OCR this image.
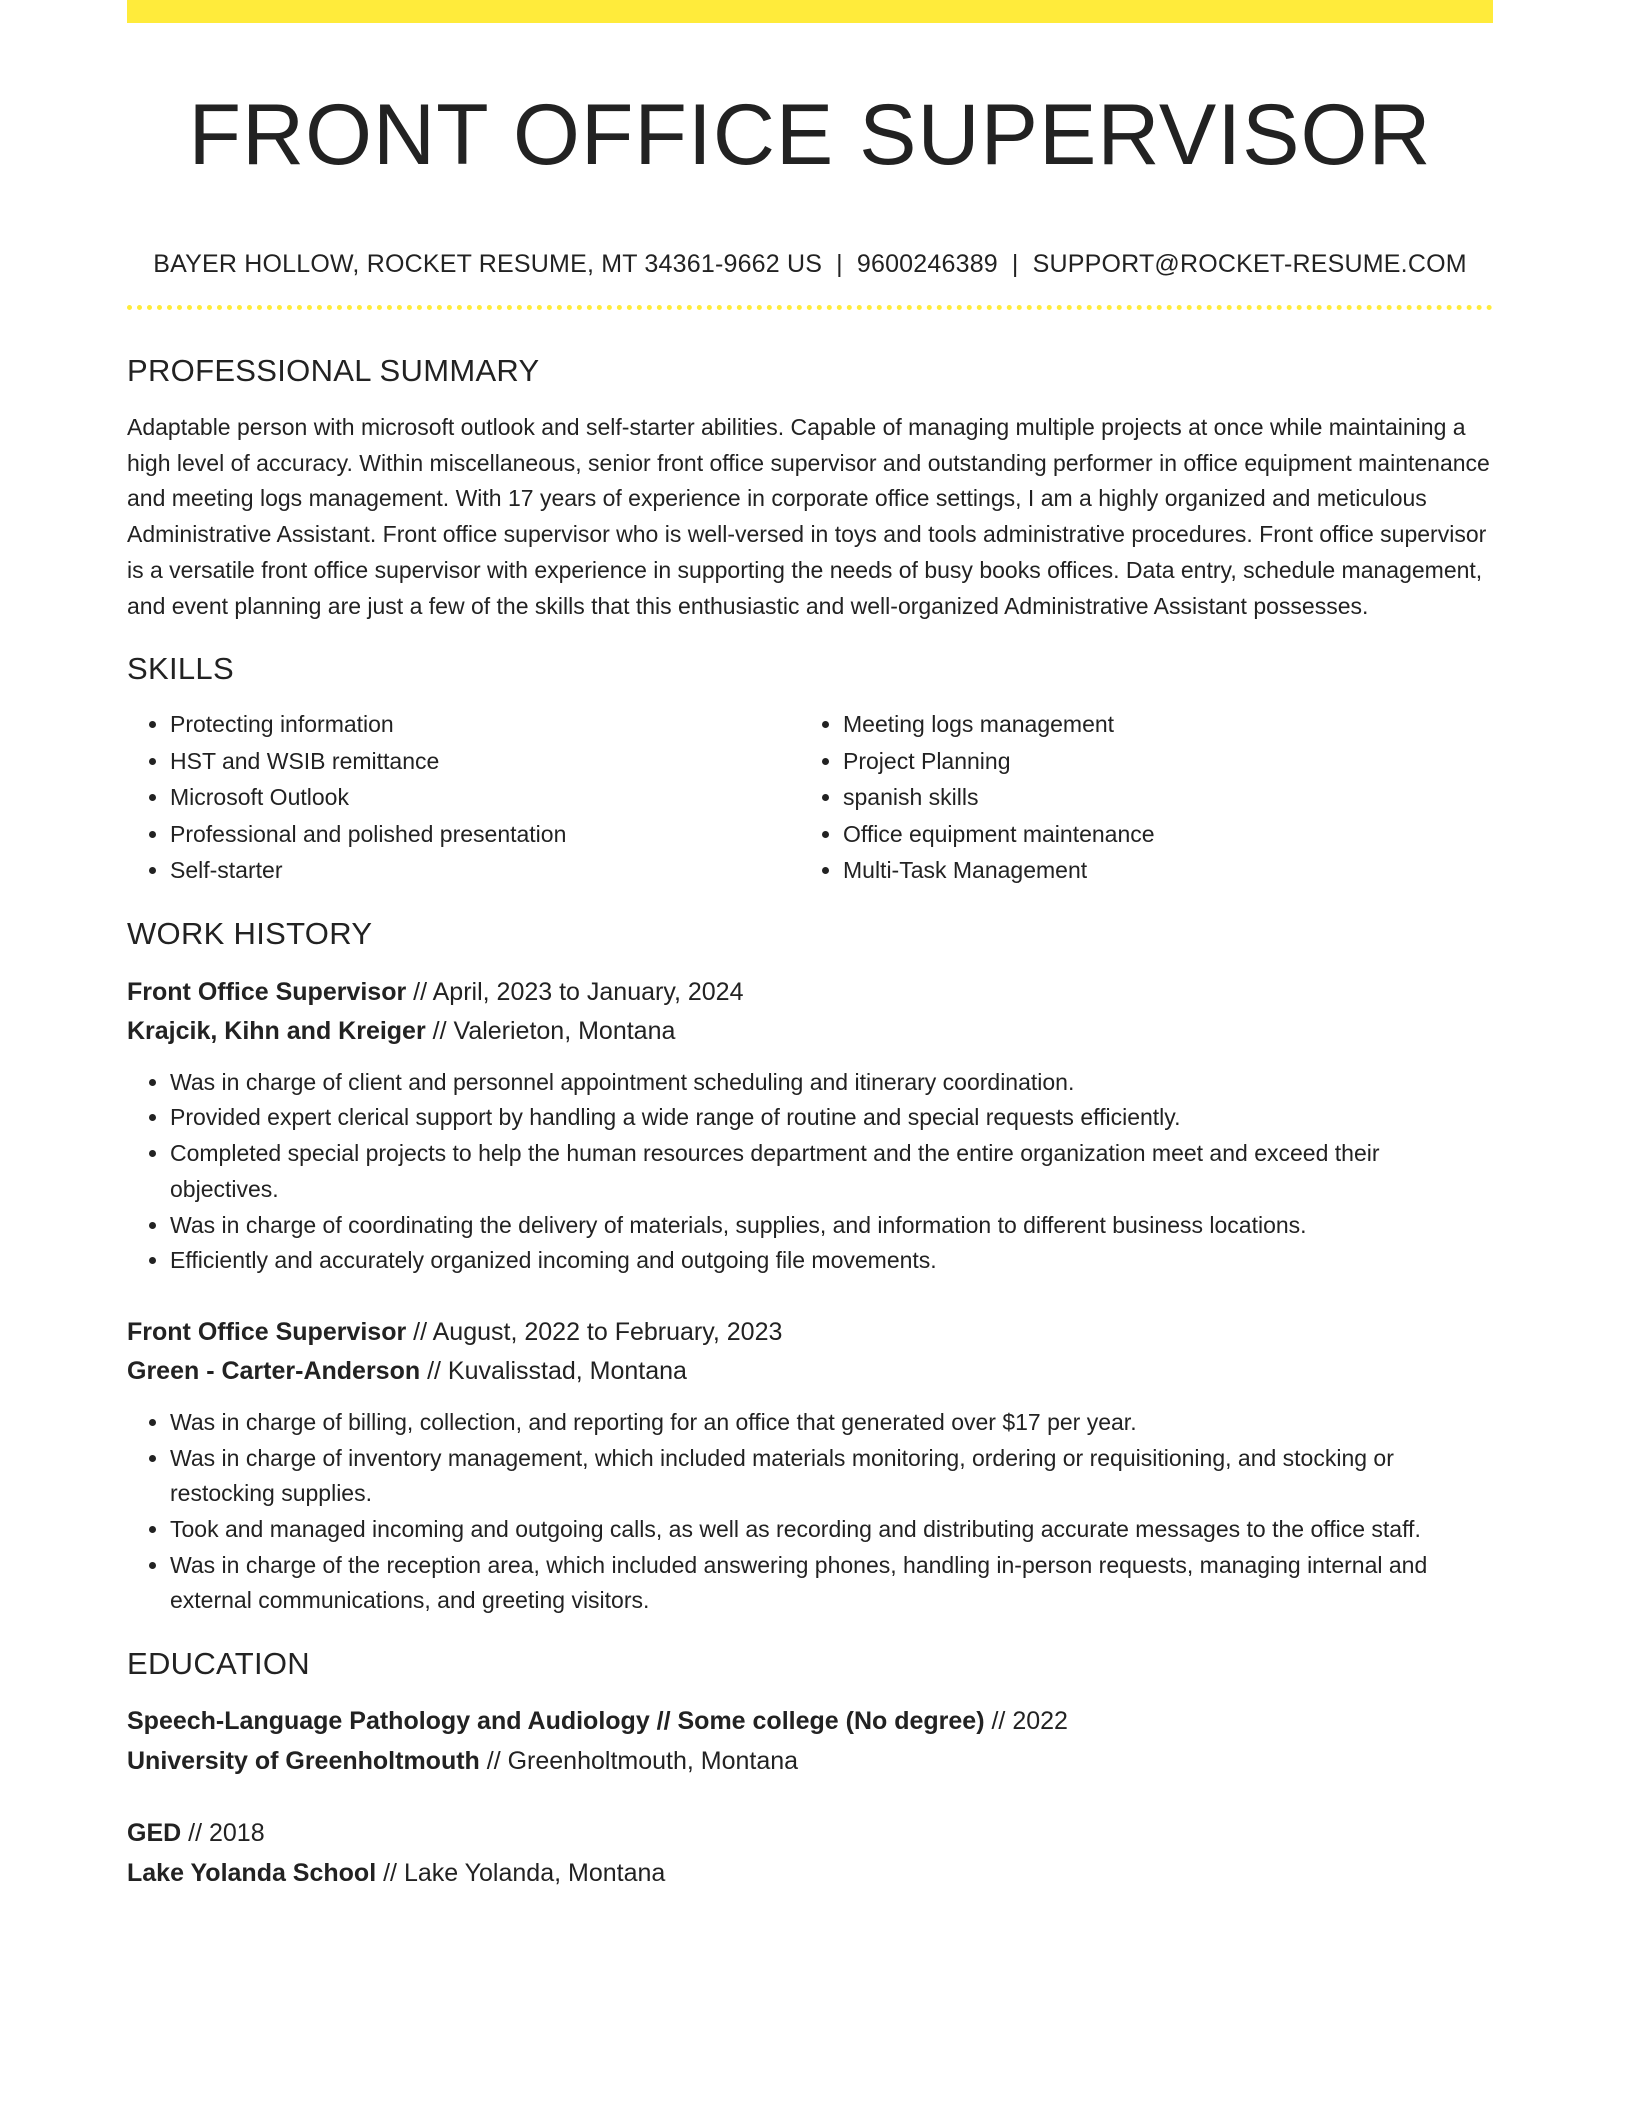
FRONT OFFICE SUPERVISOR
BAYER HOLLOW, ROCKET RESUME, MT 34361-9662 US | 9600246389 | SUPPORT@ROCKET-RESUME.COM
PROFESSIONAL SUMMARY
Adaptable person with microsoft outlook and self-starter abilities. Capable of managing multiple projects at once while maintaining a high level of accuracy. Within miscellaneous, senior front office supervisor and outstanding performer in office equipment maintenance and meeting logs management. With 17 years of experience in corporate office settings, I am a highly organized and meticulous Administrative Assistant. Front office supervisor who is well-versed in toys and tools administrative procedures. Front office supervisor is a versatile front office supervisor with experience in supporting the needs of busy books offices. Data entry, schedule management, and event planning are just a few of the skills that this enthusiastic and well-organized Administrative Assistant possesses.
SKILLS
• Protecting information
• HST and WSIB remittance
• Microsoft Outlook
• Professional and polished presentation
• Self-starter
• Meeting logs management
• Project Planning
• spanish skills
• Office equipment maintenance
• Multi-Task Management
WORK HISTORY
Front Office Supervisor // April, 2023 to January, 2024
Krajcik, Kihn and Kreiger // Valerieton, Montana
• Was in charge of client and personnel appointment scheduling and itinerary coordination.
• Provided expert clerical support by handling a wide range of routine and special requests efficiently.
• Completed special projects to help the human resources department and the entire organization meet and exceed their objectives.
• Was in charge of coordinating the delivery of materials, supplies, and information to different business locations.
• Efficiently and accurately organized incoming and outgoing file movements.
Front Office Supervisor // August, 2022 to February, 2023
Green - Carter-Anderson // Kuvalisstad, Montana
• Was in charge of billing, collection, and reporting for an office that generated over $17 per year.
• Was in charge of inventory management, which included materials monitoring, ordering or requisitioning, and stocking or restocking supplies.
• Took and managed incoming and outgoing calls, as well as recording and distributing accurate messages to the office staff.
• Was in charge of the reception area, which included answering phones, handling in-person requests, managing internal and external communications, and greeting visitors.
EDUCATION
Speech-Language Pathology and Audiology // Some college (No degree) // 2022
University of Greenholtmouth // Greenholtmouth, Montana
GED // 2018
Lake Yolanda School // Lake Yolanda, Montana
